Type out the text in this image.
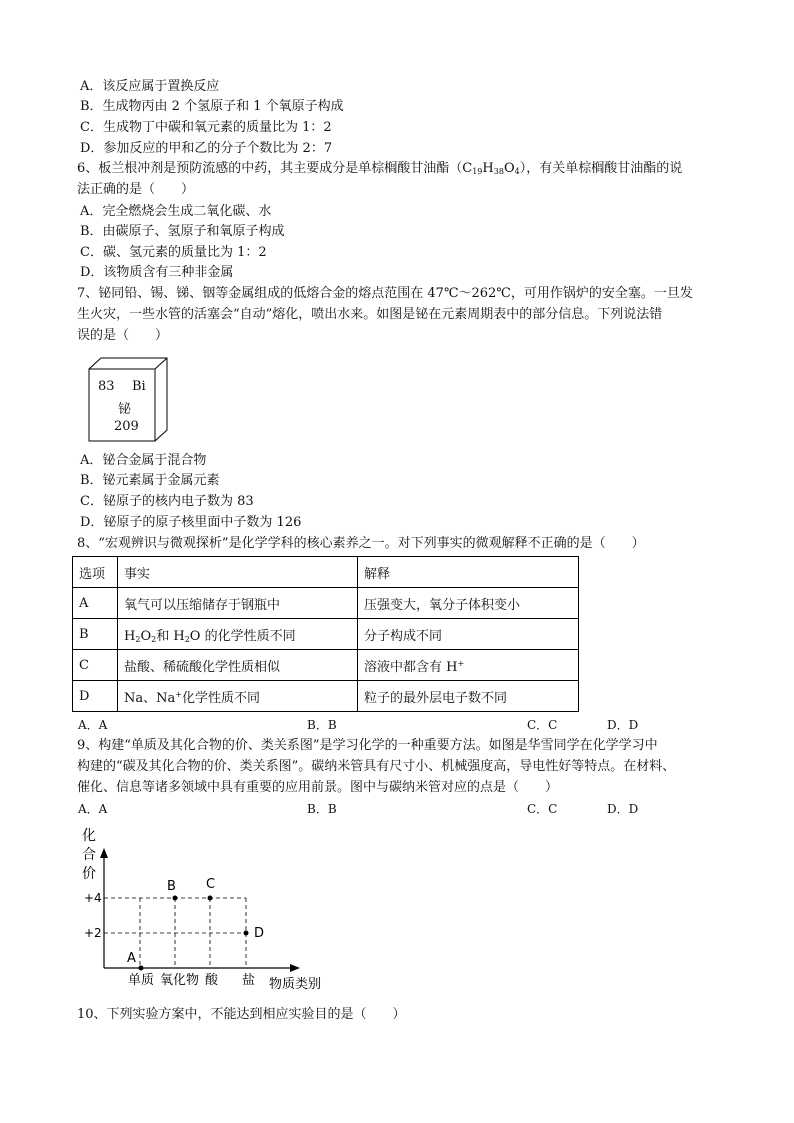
A．该反应属于置换反应
B．生成物丙由 2 个氢原子和 1 个氧原子构成
C．生成物丁中碳和氧元素的质量比为 1：2
D．参加反应的甲和乙的分子个数比为 2：7
6、板兰根冲剂是预防流感的中药，其主要成分是单棕榈酸甘油酯$(C_{19}H_{38}O_4)$，有关单棕榈酸甘油酯的说
法正确的是（　　）
A．完全燃烧会生成二氧化碳、水
B．由碳原子、氢原子和氧原子构成
C．碳、氢元素的质量比为 1：2
D．该物质含有三种非金属
7、铋同铅、锡、锑、铟等金属组成的低熔合金的熔点范围在 47℃～262℃，可用作锅炉的安全塞。一旦发
生火灾，一些水管的活塞会“自动”熔化，喷出水来。如图是铋在元素周期表中的部分信息。下列说法错
误的是（　　）
83 Bi
铋
209
A．铋合金属于混合物
B．铋元素属于金属元素
C．铋原子的核内电子数为 83
D．铋原子的原子核里面中子数为 126
8、“宏观辨识与微观探析”是化学学科的核心素养之一。对下列事实的微观解释不正确的是（　　）
选项	事实	解释
A	氧气可以压缩储存于钢瓶中	压强变大，氧分子体积变小
B	$H_2O_2$和 $H_2O$ 的化学性质不同	分子构成不同
C	盐酸、稀硫酸化学性质相似	溶液中都含有 H+
D	Na、Na+化学性质不同	粒子的最外层电子数不同
A．A	B．B	C．C	D．D
9、构建“单质及其化合物的价、类关系图”是学习化学的一种重要方法。如图是华雪同学在化学学习中
构建的“碳及其化合物的价、类关系图”。碳纳米管具有尺寸小、机械强度高，导电性好等特点。在材料、
催化、信息等诸多领域中具有重要的应用前景。图中与碳纳米管对应的点是（　　）
A．A	B．B	C．C	D．D
化
合
价
物质类别
+4
+2
单质 氧化物 酸 盐
A
B C
D
10、下列实验方案中，不能达到相应实验目的是（　　）
